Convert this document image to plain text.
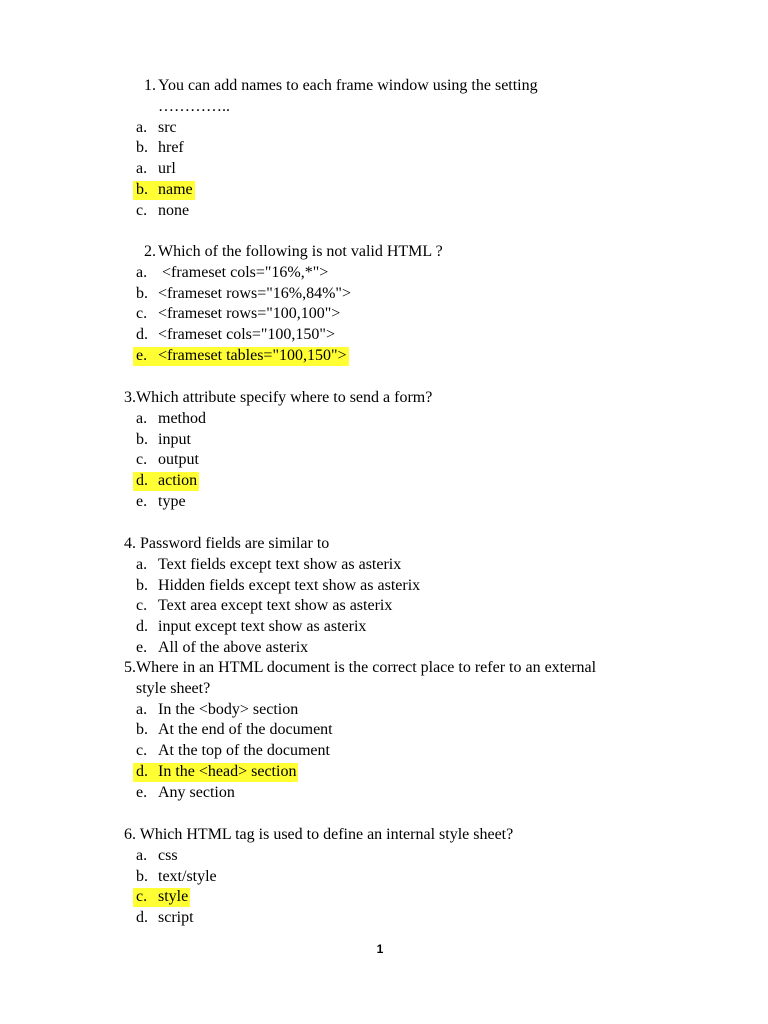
1. You can add names to each frame window using the setting
…………..
a. src
b. href
a. url
b. name
c. none
2. Which of the following is not valid HTML ?
a. <frameset cols="16%,*">
b. <frameset rows="16%,84%">
c. <frameset rows="100,100">
d. <frameset cols="100,150">
e. <frameset tables="100,150">
3. Which attribute specify where to send a form?
a. method
b. input
c. output
d. action
e. type
4. Password fields are similar to
a. Text fields except text show as asterix
b. Hidden fields except text show as asterix
c. Text area except text show as asterix
d. input except text show as asterix
e. All of the above asterix
5. Where in an HTML document is the correct place to refer to an external
style sheet?
a. In the <body> section
b. At the end of the document
c. At the top of the document
d. In the <head> section
e. Any section
6. Which HTML tag is used to define an internal style sheet?
a. css
b. text/style
c. style
d. script
1
